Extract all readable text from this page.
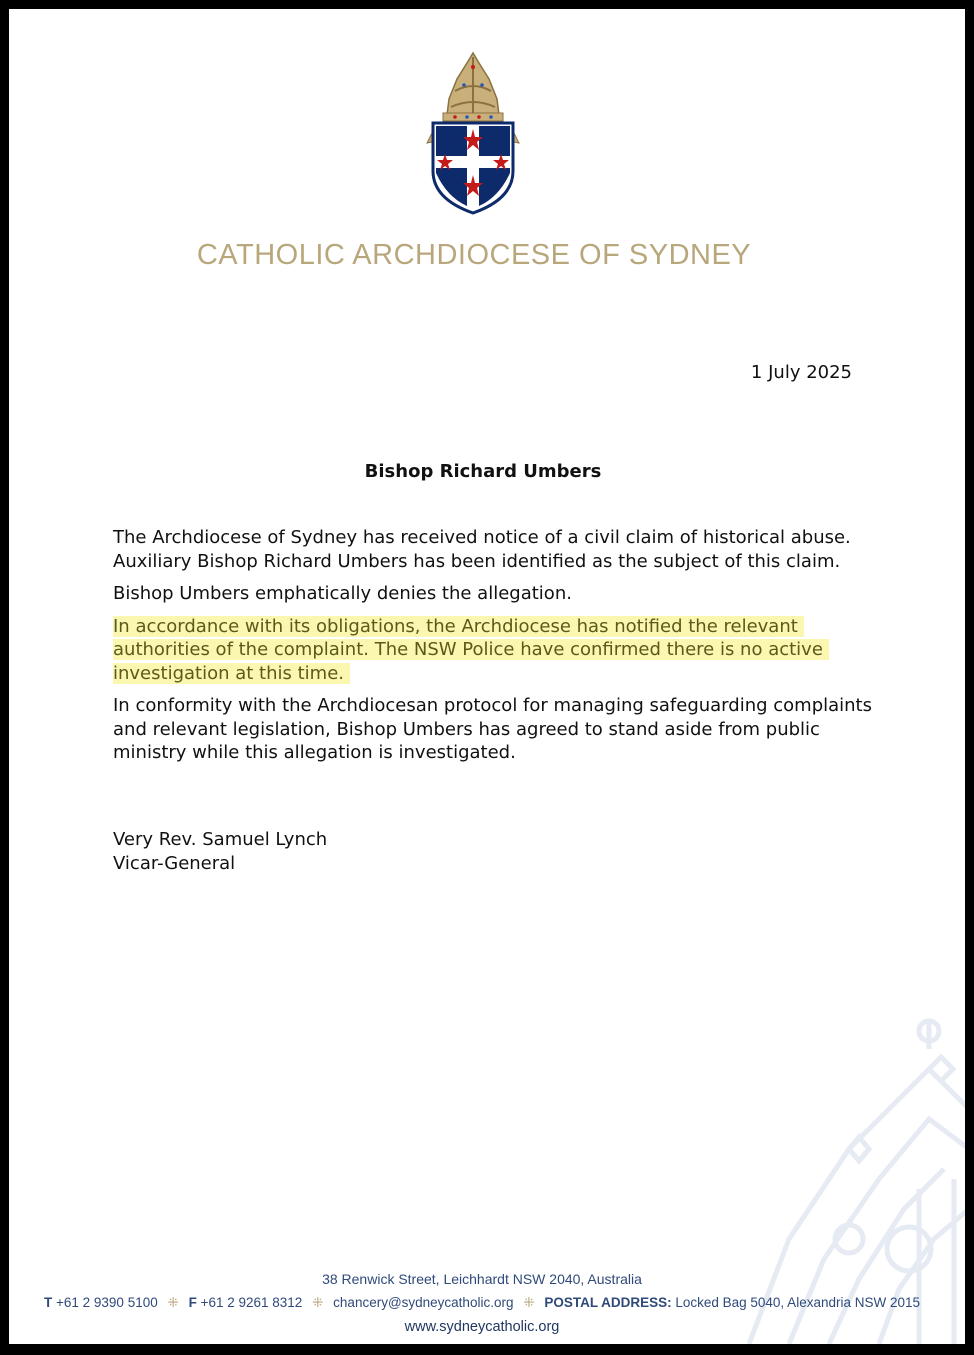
CATHOLIC ARCHDIOCESE OF SYDNEY
1 July 2025
Bishop Richard Umbers

The Archdiocese of Sydney has received notice of a civil claim of historical abuse. Auxiliary Bishop Richard Umbers has been identified as the subject of this claim.

Bishop Umbers emphatically denies the allegation.

In accordance with its obligations, the Archdiocese has notified the relevant authorities of the complaint. The NSW Police have confirmed there is no active investigation at this time.

In conformity with the Archdiocesan protocol for managing safeguarding complaints and relevant legislation, Bishop Umbers has agreed to stand aside from public ministry while this allegation is investigated.

Very Rev. Samuel Lynch
Vicar-General
38 Renwick Street, Leichhardt NSW 2040, Australia
T +61 2 9390 5100 ⁜ F +61 2 9261 8312 ⁜ chancery@sydneycatholic.org ⁜ POSTAL ADDRESS: Locked Bag 5040, Alexandria NSW 2015
www.sydneycatholic.org
